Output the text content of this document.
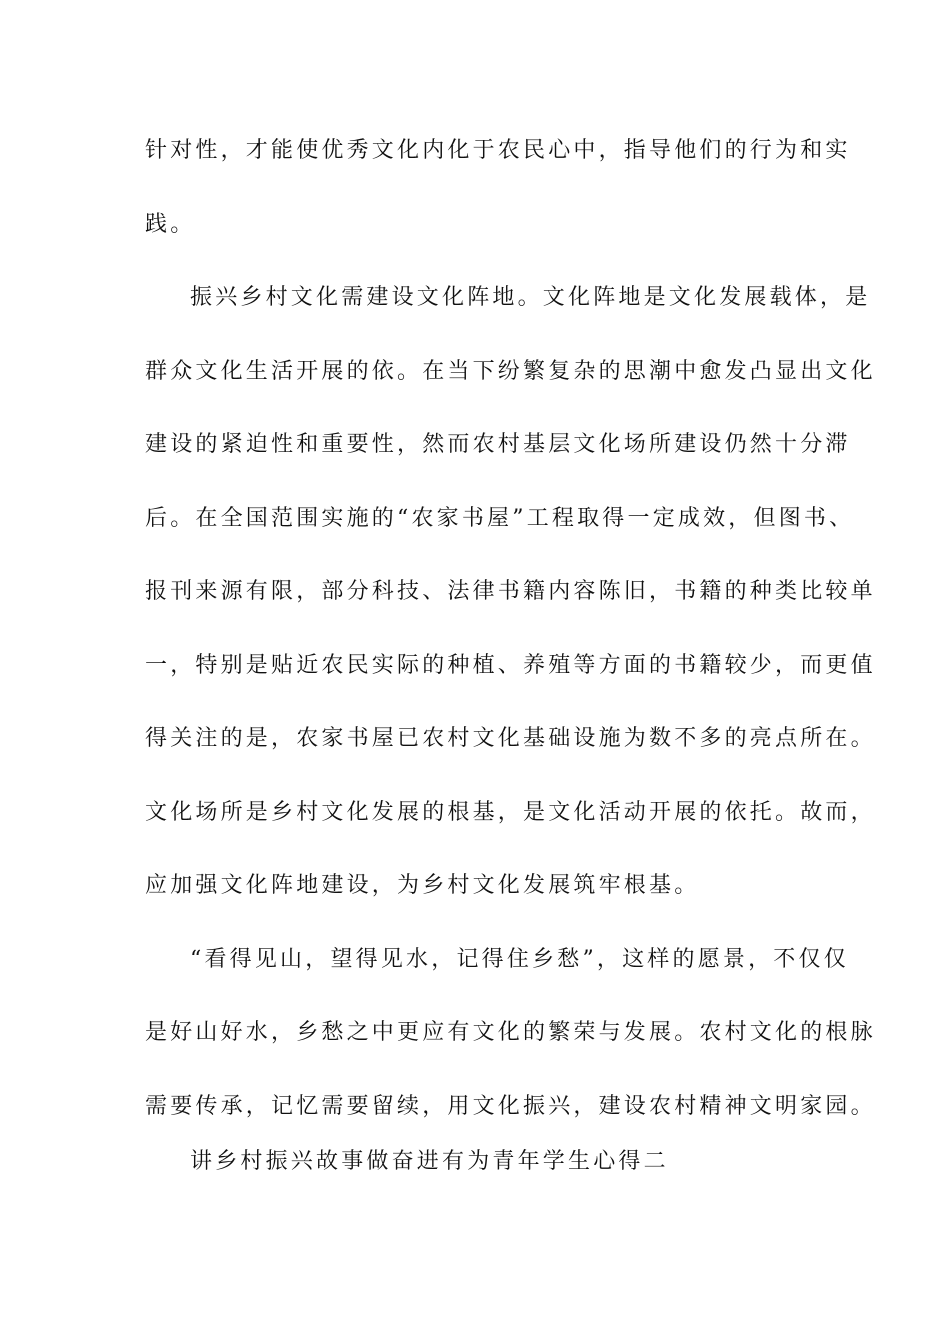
针对性，才能使优秀文化内化于农民心中，指导他们的行为和实
践。
振兴乡村文化需建设文化阵地。文化阵地是文化发展载体，是
群众文化生活开展的依。在当下纷繁复杂的思潮中愈发凸显出文化
建设的紧迫性和重要性，然而农村基层文化场所建设仍然十分滞
后。在全国范围实施的“农家书屋”工程取得一定成效，但图书、
报刊来源有限，部分科技、法律书籍内容陈旧，书籍的种类比较单
一，特别是贴近农民实际的种植、养殖等方面的书籍较少，而更值
得关注的是，农家书屋已农村文化基础设施为数不多的亮点所在。
文化场所是乡村文化发展的根基，是文化活动开展的依托。故而，
应加强文化阵地建设，为乡村文化发展筑牢根基。
“看得见山，望得见水，记得住乡愁”，这样的愿景，不仅仅
是好山好水，乡愁之中更应有文化的繁荣与发展。农村文化的根脉
需要传承，记忆需要留续，用文化振兴，建设农村精神文明家园。
讲乡村振兴故事做奋进有为青年学生心得二
